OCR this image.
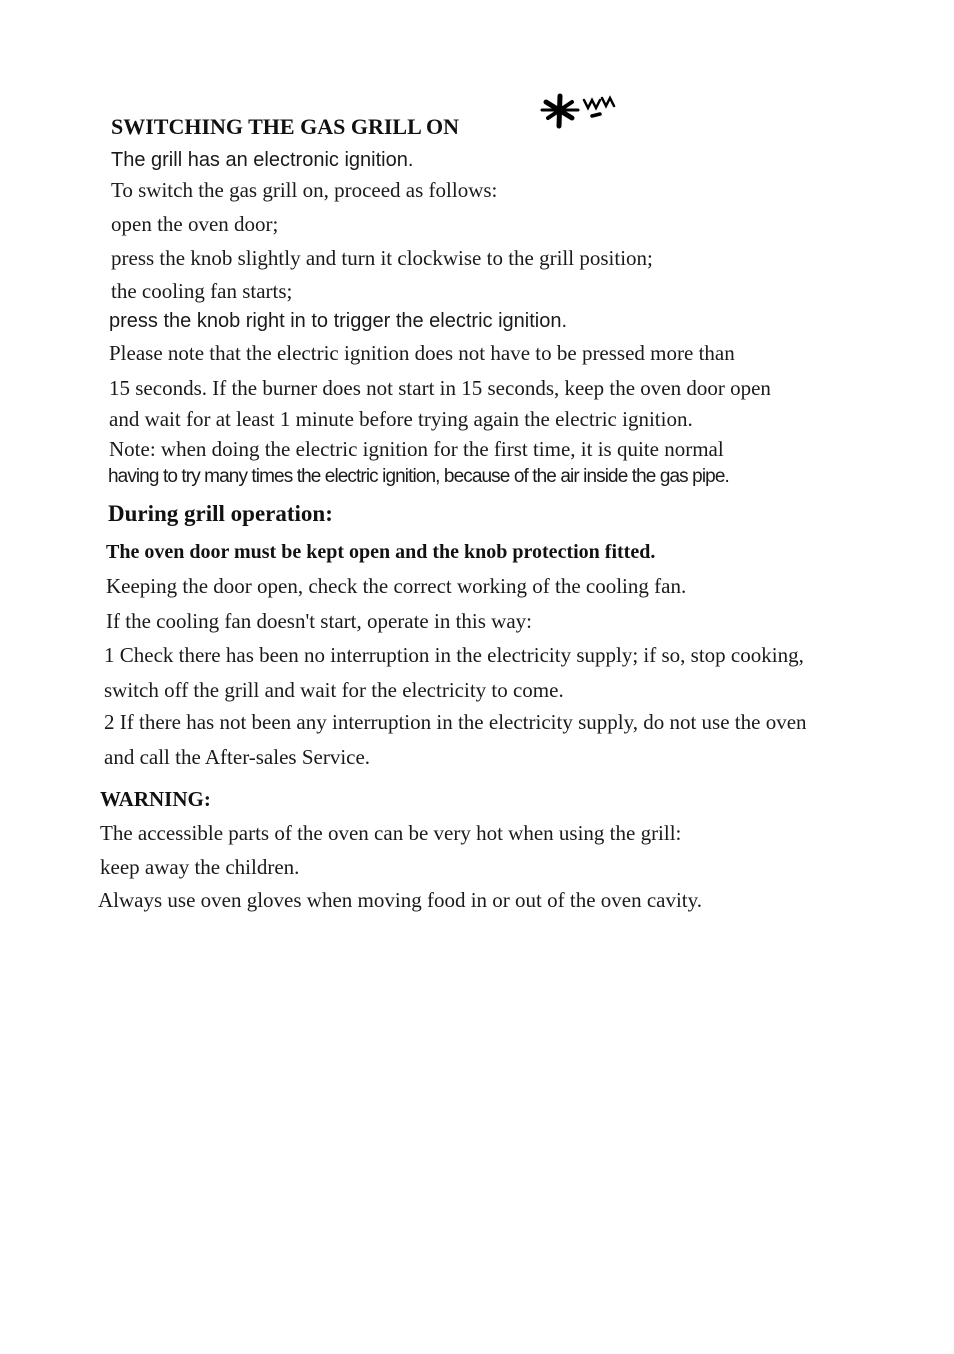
SWITCHING THE GAS GRILL ON
The grill has an electronic ignition.
To switch the gas grill on, proceed as follows:
open the oven door;
press the knob slightly and turn it clockwise to the grill position;
the cooling fan starts;
press the knob right in to trigger the electric ignition.
Please note that the electric ignition does not have to be pressed more than
15 seconds. If the burner does not start in 15 seconds, keep the oven door open
and wait for at least 1 minute before trying again the electric ignition.
Note: when doing the electric ignition for the first time, it is quite normal
having to try many times the electric ignition, because of the air inside the gas pipe.
During grill operation:
The oven door must be kept open and the knob protection fitted.
Keeping the door open, check the correct working of the cooling fan.
If the cooling fan doesn't start, operate in this way:
1 Check there has been no interruption in the electricity supply; if so, stop cooking,
switch off the grill and wait for the electricity to come.
2 If there has not been any interruption in the electricity supply, do not use the oven
and call the After-sales Service.
WARNING:
The accessible parts of the oven can be very hot when using the grill:
keep away the children.
Always use oven gloves when moving food in or out of the oven cavity.
